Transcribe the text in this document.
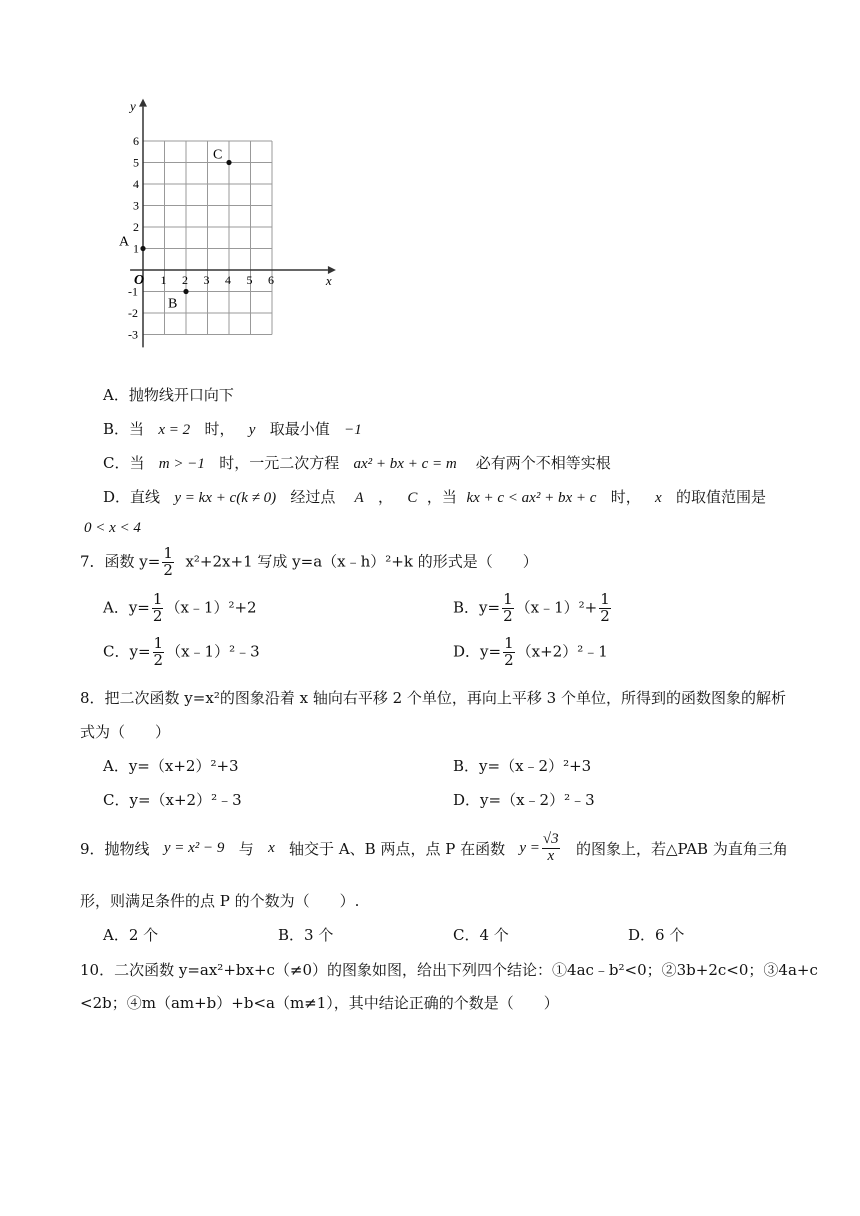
y
x
O 1 2 3 4 5 6
6
5
4
3
2
1
-1
-2
-3
A
B
C
A．抛物线开口向下
B．当 x = 2 时， y 取最小值 −1
C．当 m > −1 时，一元二次方程 ax² + bx + c = m 必有两个不相等实根
D．直线 y = kx + c(k ≠ 0) 经过点 A ， C ，当 kx + c < ax² + bx + c 时， x 的取值范围是
0 < x < 4
7．函数 $y= \frac{1}{2} x^2+2x+1$ 写成 y=a（x﹣h）²+k 的形式是（　　）
A．$y= \frac{1}{2}$ （x﹣1）²+2	B．$y= \frac{1}{2}$ （x﹣1）²+ $\frac{1}{2}$
C．$y= \frac{1}{2}$ （x﹣1）²﹣3	D．$y= \frac{1}{2}$ （x+2）²﹣1
8．把二次函数 y=x²的图象沿着 x 轴向右平移 2 个单位，再向上平移 3 个单位，所得到的函数图象的解析
式为（　　）
A．y=（x+2）²+3	B．y=（x﹣2）²+3
C．y=（x+2）²﹣3	D．y=（x﹣2）²﹣3
9．抛物线
y = x² − 9
与
x
轴交于 A、B 两点，点 P 在函数
$y = \frac{√3}{x}$
的图象上，若△PAB 为直角三角
形，则满足条件的点 P 的个数为（　　）.
A．2 个	B．3 个	C．4 个	D．6 个
10．二次函数 y=ax²+bx+c（≠0）的图象如图，给出下列四个结论：①4ac﹣b²<0；②3b+2c<0；③4a+c
<2b；④m（am+b）+b<a（m≠1），其中结论正确的个数是（　　）
